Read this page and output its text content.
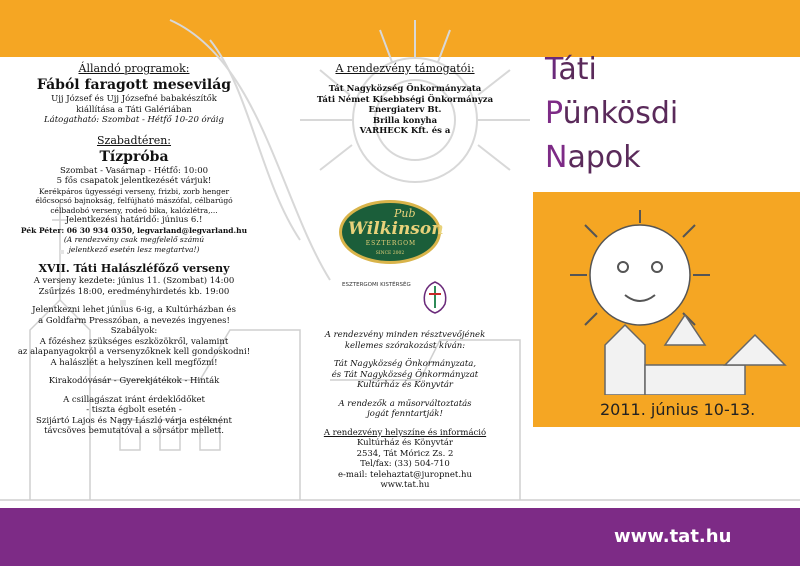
Állandó programok:
Fából faragott mesevilág
Ujj József és Ujj Józsefné babakészítők
kiállítása a Táti Galériában
Látogatható: Szombat - Hétfő 10-20 óráig
Szabadtéren:
Tízpróba
Szombat - Vasárnap - Hétfő: 10:00
5 fős csapatok jelentkezését várjuk!
Kerékpáros ügyességi verseny, frizbi, zorb henger
élőcsocsó bajnokság, felfújható mászófal, célbarúgó
célbadobó verseny, rodeó bika, kalózlétra,...
Jelentkezési határidő: június 6.!
Pék Péter: 06 30 934 0350, legvarland@legvarland.hu
(A rendezvény csak megfelelő számú
jelentkező esetén lesz megtartva!)
XVII. Táti Halászléfőző verseny
A verseny kezdete: június 11. (Szombat) 14:00
Zsűrizés 18:00, eredményhirdetés kb. 19:00
Jelentkezni lehet június 6-ig, a Kultúrházban és
a Goldfarm Presszóban, a nevezés ingyenes!
Szabályok:
A főzéshez szükséges eszközökről, valamint
az alapanyagokról a versenyzőknek kell gondoskodni!
A halászlét a helyszínen kell megfőzni!
Kirakodóvásár - Gyerekjátékok - Hinták
A csillagászat iránt érdeklődőket
- tiszta égbolt esetén -
Szijártó Lajos és Nagy László várja estéknént
távcsöves bemutatóval a sörsátor mellett.
A rendezvény támogatói:
Tát Nagyközség Önkormányzata
Táti Német Kisebbségi Önkormányza
Energiaterv Bt.
Brilla konyha
VARHECK Kft. és a
Pub
Wilkinson
ESZTERGOM
SINCE 2002
ESZTERGOMI KISTÉRSÉG
A rendezvény minden résztvevőjének
kellemes szórakozást kíván:
Tát Nagyközség Önkormányzata,
és Tát Nagyközség Önkormányzat
Kultúrház és Könyvtár
A rendezők a műsorváltoztatás
jogát fenntartják!
A rendezvény helyszíne és információ
Kultúrház és Könyvtár
2534, Tát Móricz Zs. 2
Tel/fax: (33) 504-710
e-mail: telehaztat@juropnet.hu
www.tat.hu
Táti
Pünkösdi
Napok
2011. június 10-13.
www.tat.hu
